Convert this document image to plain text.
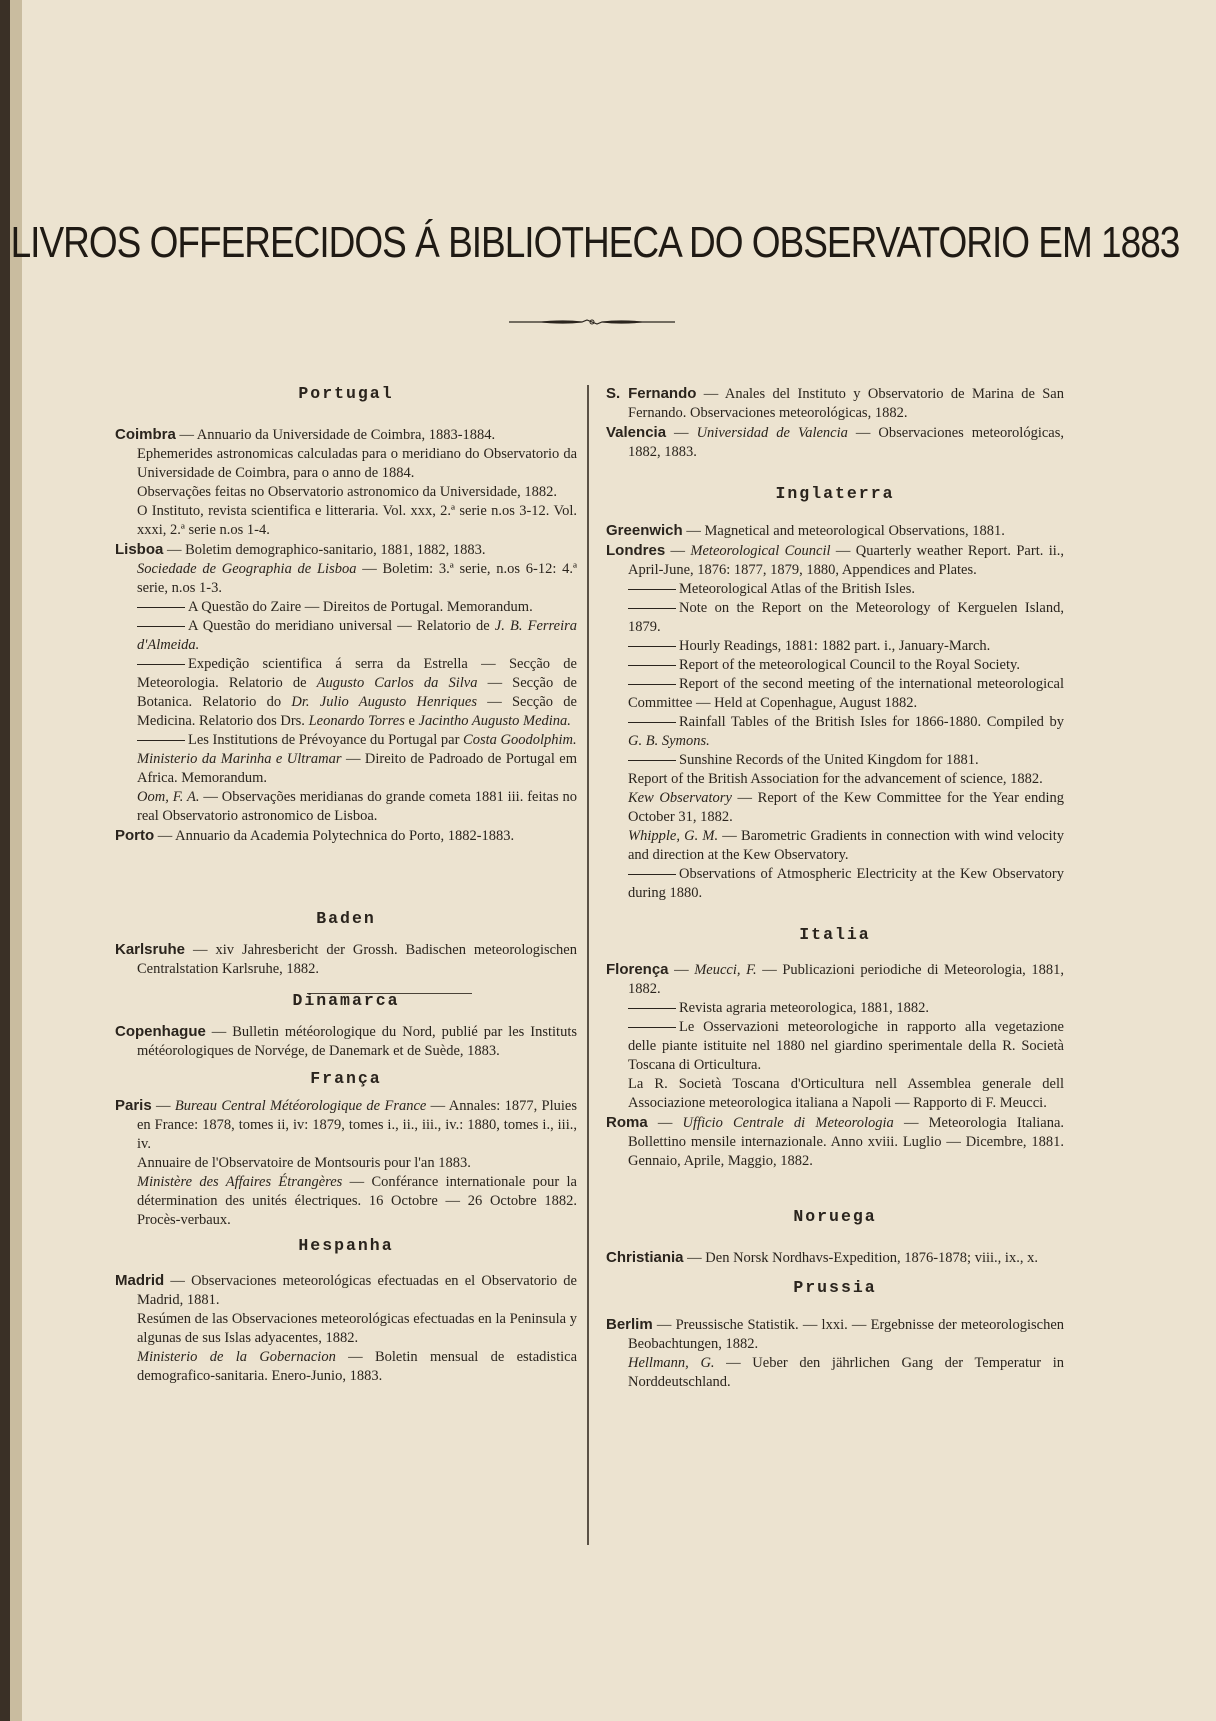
LIVROS OFFERECIDOS Á BIBLIOTHECA DO OBSERVATORIO EM 1883

Portugal

Coimbra — Annuario da Universidade de Coimbra, 1883-1884.

Ephemerides astronomicas calculadas para o meridiano do Observatorio da Universidade de Coimbra, para o anno de 1884.

Observações feitas no Observatorio astronomico da Universidade, 1882.

O Instituto, revista scientifica e litteraria. Vol. xxx, 2.ª serie n.os 3-12. Vol. xxxi, 2.ª serie n.os 1-4.

Lisboa — Boletim demographico-sanitario, 1881, 1882, 1883.

Sociedade de Geographia de Lisboa — Boletim: 3.ª serie, n.os 6-12: 4.ª serie, n.os 1-3.

A Questão do Zaire — Direitos de Portugal. Memorandum.

A Questão do meridiano universal — Relatorio de J. B. Ferreira d'Almeida.

Expedição scientifica á serra da Estrella — Secção de Meteorologia. Relatorio de Augusto Carlos da Silva — Secção de Botanica. Relatorio do Dr. Julio Augusto Henriques — Secção de Medicina. Relatorio dos Drs. Leonardo Torres e Jacintho Augusto Medina.

Les Institutions de Prévoyance du Portugal par Costa Goodolphim.

Ministerio da Marinha e Ultramar — Direito de Padroado de Portugal em Africa. Memorandum.

Oom, F. A. — Observações meridianas do grande cometa 1881 iii. feitas no real Observatorio astronomico de Lisboa.

Porto — Annuario da Academia Polytechnica do Porto, 1882-1883.

Baden

Karlsruhe — xiv Jahresbericht der Grossh. Badischen meteorologischen Centralstation Karlsruhe, 1882.

Dinamarca

Copenhague — Bulletin météorologique du Nord, publié par les Instituts météorologiques de Norvége, de Danemark et de Suède, 1883.

França

Paris — Bureau Central Météorologique de France — Annales: 1877, Pluies en France: 1878, tomes ii, iv: 1879, tomes i., ii., iii., iv.: 1880, tomes i., iii., iv.

Annuaire de l'Observatoire de Montsouris pour l'an 1883.

Ministère des Affaires Étrangères — Conférance internationale pour la détermination des unités électriques. 16 Octobre — 26 Octobre 1882. Procès-verbaux.

Hespanha

Madrid — Observaciones meteorológicas efectuadas en el Observatorio de Madrid, 1881.

Resúmen de las Observaciones meteorológicas efectuadas en la Peninsula y algunas de sus Islas adyacentes, 1882.

Ministerio de la Gobernacion — Boletin mensual de estadistica demografico-sanitaria. Enero-Junio, 1883.

S. Fernando — Anales del Instituto y Observatorio de Marina de San Fernando. Observaciones meteorológicas, 1882.

Valencia — Universidad de Valencia — Observaciones meteorológicas, 1882, 1883.

Inglaterra

Greenwich — Magnetical and meteorological Observations, 1881.

Londres — Meteorological Council — Quarterly weather Report. Part. ii., April-June, 1876: 1877, 1879, 1880, Appendices and Plates.

Meteorological Atlas of the British Isles.

Note on the Report on the Meteorology of Kerguelen Island, 1879.

Hourly Readings, 1881: 1882 part. i., January-March.

Report of the meteorological Council to the Royal Society.

Report of the second meeting of the international meteorological Committee — Held at Copenhague, August 1882.

Rainfall Tables of the British Isles for 1866-1880. Compiled by G. B. Symons.

Sunshine Records of the United Kingdom for 1881.

Report of the British Association for the advancement of science, 1882.

Kew Observatory — Report of the Kew Committee for the Year ending October 31, 1882.

Whipple, G. M. — Barometric Gradients in connection with wind velocity and direction at the Kew Observatory.

Observations of Atmospheric Electricity at the Kew Observatory during 1880.

Italia

Florença — Meucci, F. — Publicazioni periodiche di Meteorologia, 1881, 1882.

Revista agraria meteorologica, 1881, 1882.

Le Osservazioni meteorologiche in rapporto alla vegetazione delle piante istituite nel 1880 nel giardino sperimentale della R. Società Toscana di Orticultura.

La R. Società Toscana d'Orticultura nell Assemblea generale dell Associazione meteorologica italiana a Napoli — Rapporto di F. Meucci.

Roma — Ufficio Centrale di Meteorologia — Meteorologia Italiana. Bollettino mensile internazionale. Anno xviii. Luglio — Dicembre, 1881. Gennaio, Aprile, Maggio, 1882.

Noruega

Christiania — Den Norsk Nordhavs-Expedition, 1876-1878; viii., ix., x.

Prussia

Berlim — Preussische Statistik. — lxxi. — Ergebnisse der meteorologischen Beobachtungen, 1882.

Hellmann, G. — Ueber den jährlichen Gang der Temperatur in Norddeutschland.
